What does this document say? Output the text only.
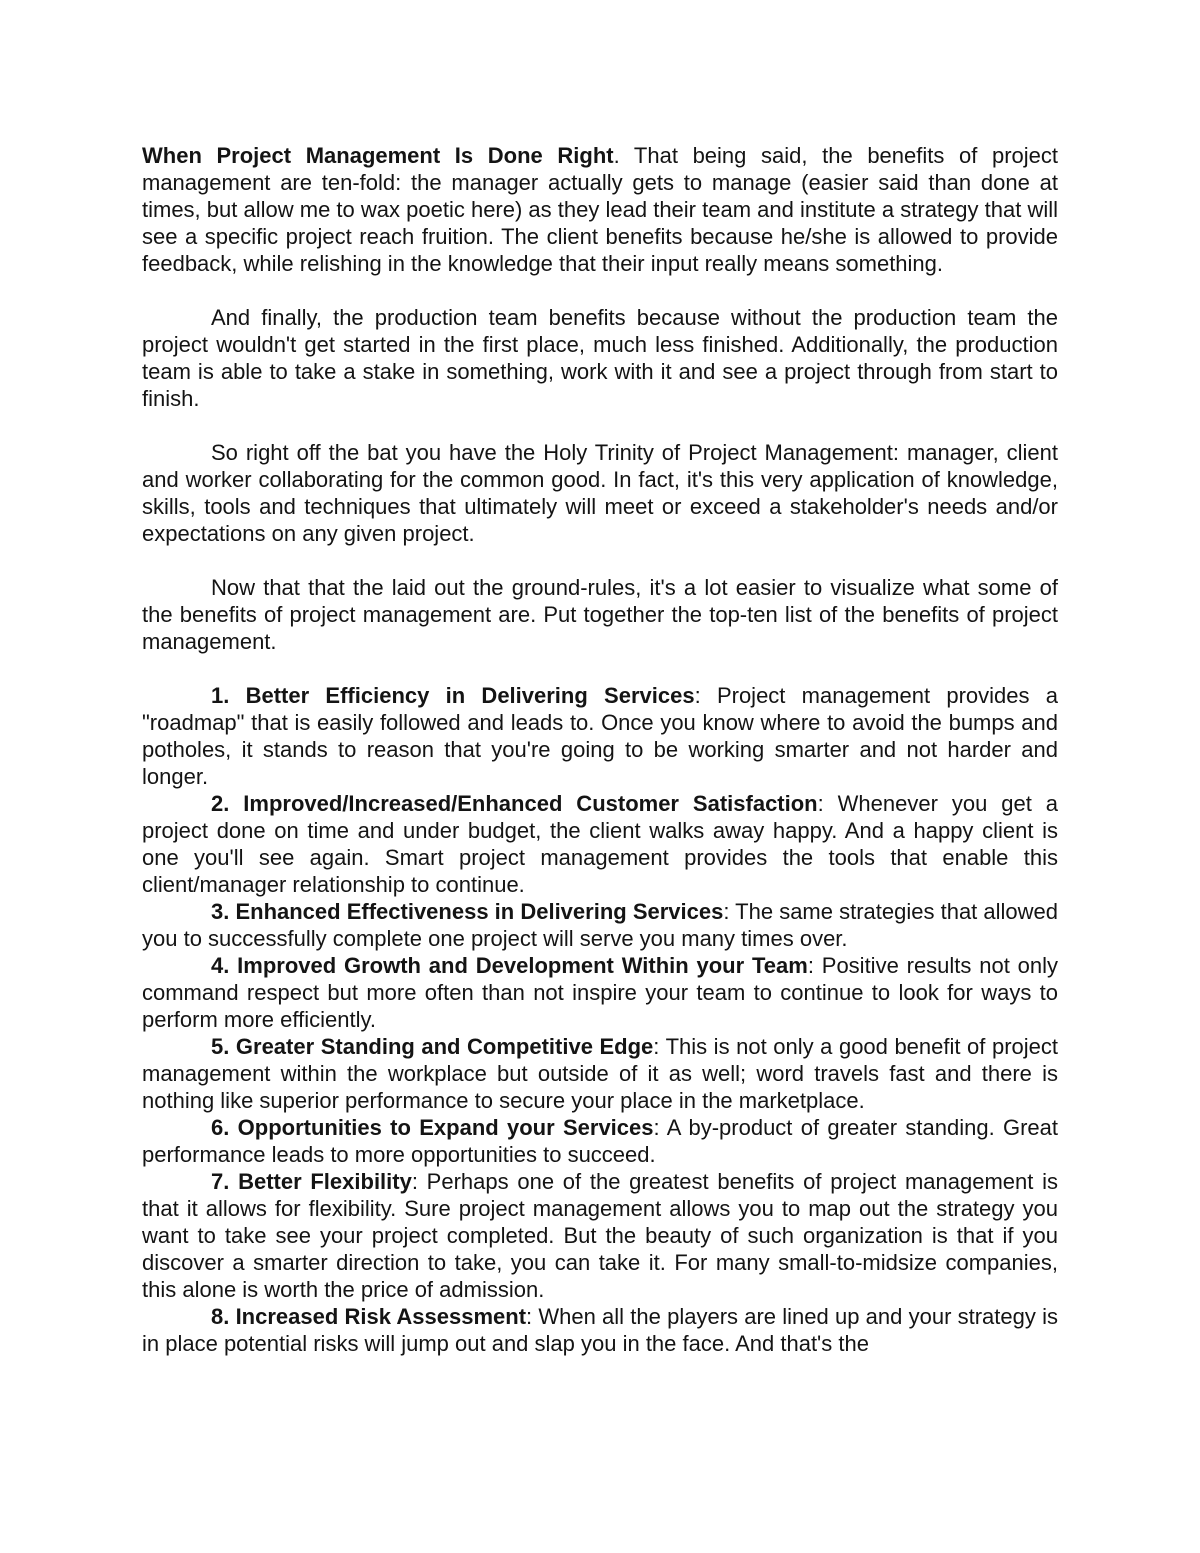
When Project Management Is Done Right. That being said, the benefits of project management are ten-fold: the manager actually gets to manage (easier said than done at times, but allow me to wax poetic here) as they lead their team and institute a strategy that will see a specific project reach fruition. The client benefits because he/she is allowed to provide feedback, while relishing in the knowledge that their input really means something.

And finally, the production team benefits because without the production team the project wouldn't get started in the first place, much less finished. Additionally, the production team is able to take a stake in something, work with it and see a project through from start to finish.

So right off the bat you have the Holy Trinity of Project Management: manager, client and worker collaborating for the common good. In fact, it's this very application of knowledge, skills, tools and techniques that ultimately will meet or exceed a stakeholder's needs and/or expectations on any given project.

Now that that the laid out the ground-rules, it's a lot easier to visualize what some of the benefits of project management are. Put together the top-ten list of the benefits of project management.

1. Better Efficiency in Delivering Services: Project management provides a "roadmap" that is easily followed and leads to. Once you know where to avoid the bumps and potholes, it stands to reason that you're going to be working smarter and not harder and longer.

2. Improved/Increased/Enhanced Customer Satisfaction: Whenever you get a project done on time and under budget, the client walks away happy. And a happy client is one you'll see again. Smart project management provides the tools that enable this client/manager relationship to continue.

3. Enhanced Effectiveness in Delivering Services: The same strategies that allowed you to successfully complete one project will serve you many times over.

4. Improved Growth and Development Within your Team: Positive results not only command respect but more often than not inspire your team to continue to look for ways to perform more efficiently.

5. Greater Standing and Competitive Edge: This is not only a good benefit of project management within the workplace but outside of it as well; word travels fast and there is nothing like superior performance to secure your place in the marketplace.

6. Opportunities to Expand your Services: A by-product of greater standing. Great performance leads to more opportunities to succeed.

7. Better Flexibility: Perhaps one of the greatest benefits of project management is that it allows for flexibility. Sure project management allows you to map out the strategy you want to take see your project completed. But the beauty of such organization is that if you discover a smarter direction to take, you can take it. For many small-to-midsize companies, this alone is worth the price of admission.

8. Increased Risk Assessment: When all the players are lined up and your strategy is in place potential risks will jump out and slap you in the face. And that's the
